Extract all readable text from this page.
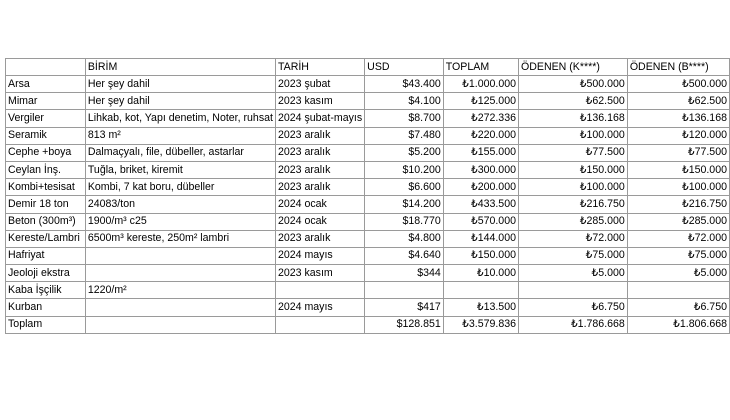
	BİRİM	TARİH	USD	TOPLAM	ÖDENEN (K****)	ÖDENEN (B****)
Arsa	Her şey dahil	2023 şubat	$43.400	₺1.000.000	₺500.000	₺500.000
Mimar	Her şey dahil	2023 kasım	$4.100	₺125.000	₺62.500	₺62.500
Vergiler	Lihkab, kot, Yapı denetim, Noter, ruhsat	2024 şubat-mayıs	$8.700	₺272.336	₺136.168	₺136.168
Seramik	813 m²	2023 aralık	$7.480	₺220.000	₺100.000	₺120.000
Cephe +boya	Dalmaçyalı, file, dübeller, astarlar	2023 aralık	$5.200	₺155.000	₺77.500	₺77.500
Ceylan İnş.	Tuğla, briket, kiremit	2023 aralık	$10.200	₺300.000	₺150.000	₺150.000
Kombi+tesisat	Kombi, 7 kat boru, dübeller	2023 aralık	$6.600	₺200.000	₺100.000	₺100.000
Demir 18 ton	24083/ton	2024 ocak	$14.200	₺433.500	₺216.750	₺216.750
Beton (300m³)	1900/m³ c25	2024 ocak	$18.770	₺570.000	₺285.000	₺285.000
Kereste/Lambri	6500m³ kereste, 250m² lambri	2023 aralık	$4.800	₺144.000	₺72.000	₺72.000
Hafriyat		2024 mayıs	$4.640	₺150.000	₺75.000	₺75.000
Jeoloji ekstra		2023 kasım	$344	₺10.000	₺5.000	₺5.000
Kaba İşçilik	1220/m²					
Kurban		2024 mayıs	$417	₺13.500	₺6.750	₺6.750
Toplam			$128.851	₺3.579.836	₺1.786.668	₺1.806.668
